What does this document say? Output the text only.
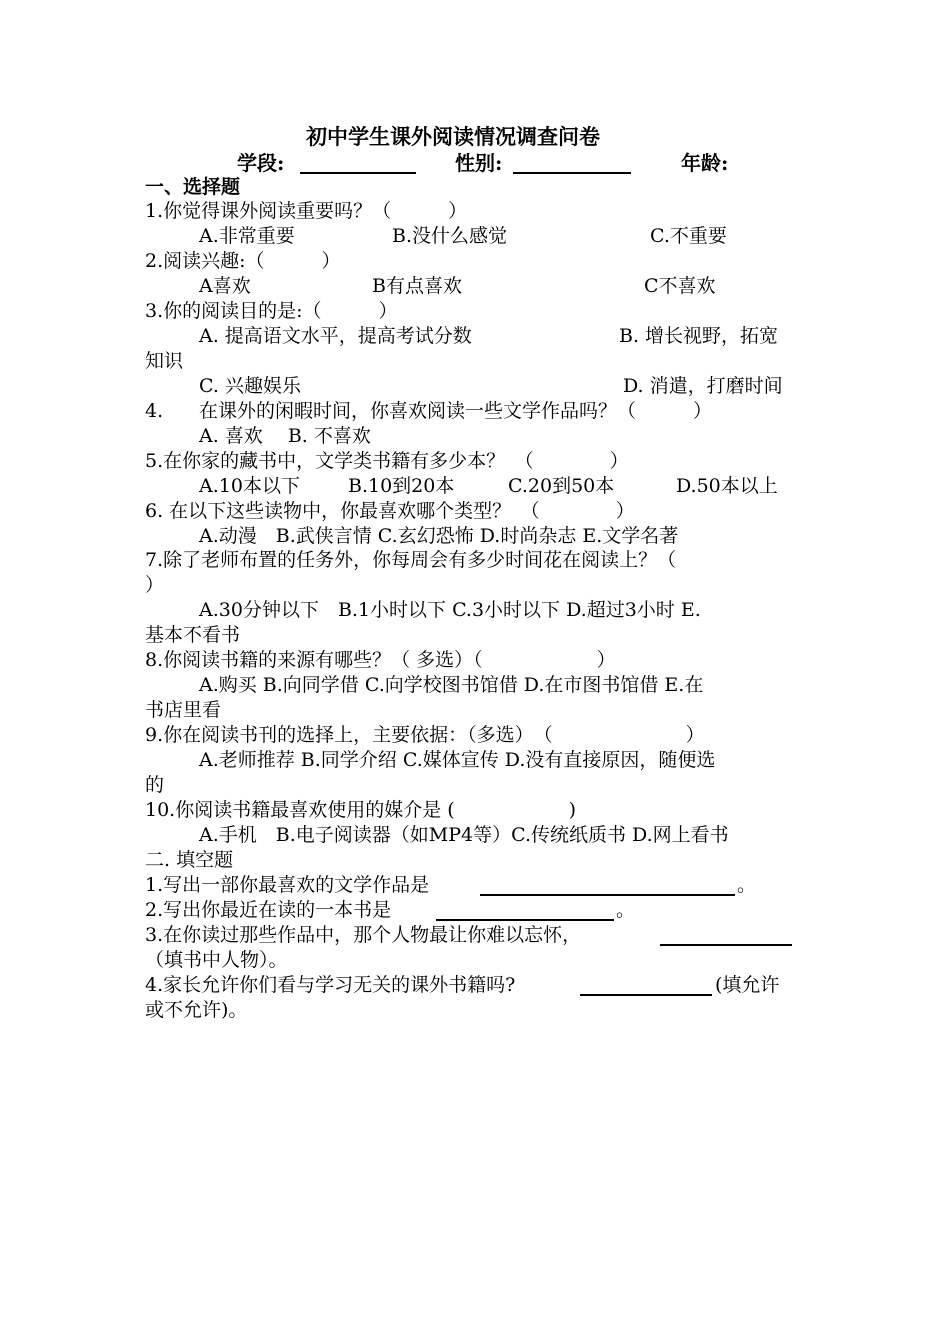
初中学生课外阅读情况调查问卷
学段:	性别:	年龄:
一、选择题
1.你觉得课外阅读重要吗？（　　　）
A.非常重要	B.没什么感觉	C.不重要
2.阅读兴趣:（　　　）
A喜欢	B有点喜欢	C不喜欢
3.你的阅读目的是:（　　　）
A. 提高语文水平，提高考试分数	B. 增长视野，拓宽
知识
C. 兴趣娱乐	D. 消遣，打磨时间
4. 在课外的闲暇时间，你喜欢阅读一些文学作品吗？（　　　）
A. 喜欢　 B. 不喜欢
5.在你家的藏书中，文学类书籍有多少本？　（　　　　）
A.10本以下	B.10到20本	C.20到50本	D.50本以上
6. 在以下这些读物中，你最喜欢哪个类型？　（　　　　）
A.动漫　B.武侠言情 C.玄幻恐怖 D.时尚杂志 E.文学名著
7.除了老师布置的任务外，你每周会有多少时间花在阅读上？（
）
A.30分钟以下　B.1小时以下 C.3小时以下 D.超过3小时 E.
基本不看书
8.你阅读书籍的来源有哪些？（ 多选）（　　　　　　）
A.购买 B.向同学借 C.向学校图书馆借 D.在市图书馆借 E.在
书店里看
9.你在阅读书刊的选择上，主要依据：（多选）　（　　　　　　　）
A.老师推荐 B.同学介绍 C.媒体宣传 D.没有直接原因，随便选
的
10.你阅读书籍最喜欢使用的媒介是 (　　　　　　)
A.手机　B.电子阅读器（如MP4等）C.传统纸质书 D.网上看书
二. 填空题
1.写出一部你最喜欢的文学作品是	。
2.写出你最近在读的一本书是	。
3.在你读过那些作品中，那个人物最让你难以忘怀，
（填书中人物）。
4.家长允许你们看与学习无关的课外书籍吗?	(填允许
或不允许)。
